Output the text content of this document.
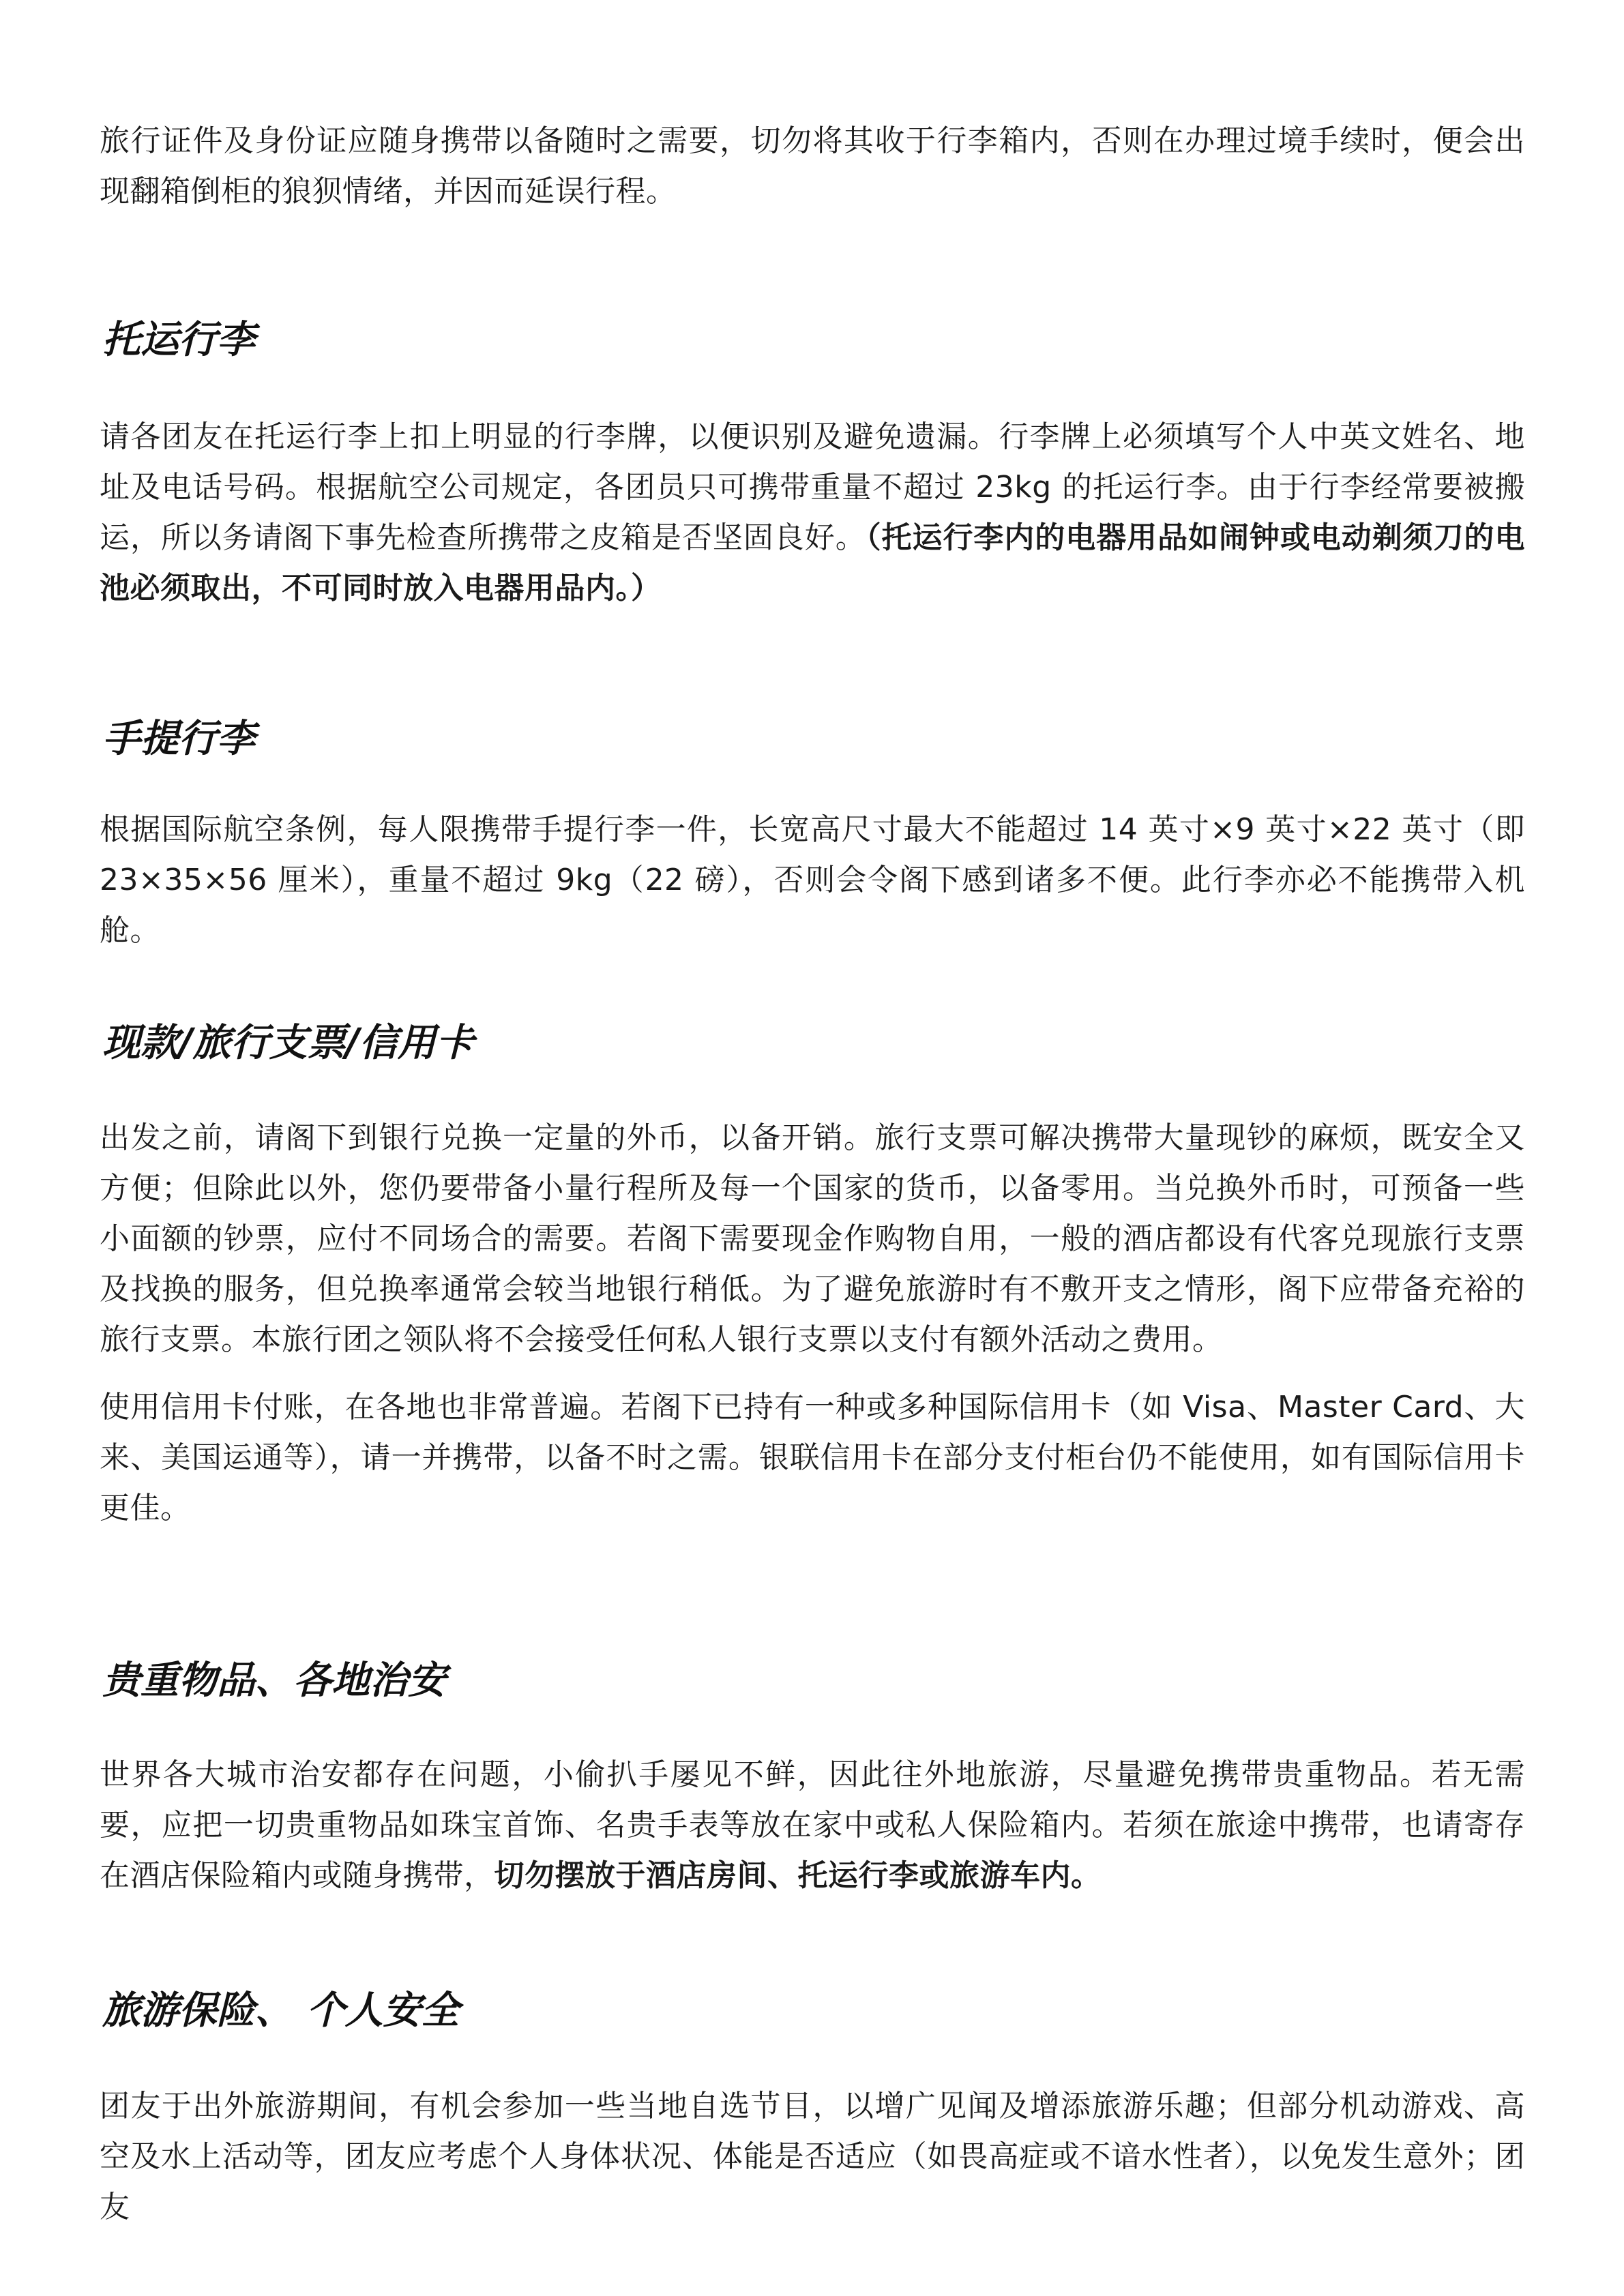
旅行证件及身份证应随身携带以备随时之需要，切勿将其收于行李箱内，否则在办理过境手续时，便会出现翻箱倒柜的狼狈情绪，并因而延误行程。

托运行李

请各团友在托运行李上扣上明显的行李牌，以便识别及避免遗漏。行李牌上必须填写个人中英文姓名、地址及电话号码。根据航空公司规定，各团员只可携带重量不超过 23kg 的托运行李。由于行李经常要被搬运，所以务请阁下事先检查所携带之皮箱是否坚固良好。（托运行李内的电器用品如闹钟或电动剃须刀的电池必须取出，不可同时放入电器用品内。）

手提行李

根据国际航空条例，每人限携带手提行李一件，长宽高尺寸最大不能超过 14 英寸×9 英寸×22 英寸（即23×35×56 厘米），重量不超过 9kg（22 磅），否则会令阁下感到诸多不便。此行李亦必不能携带入机舱。

现款/旅行支票/信用卡

出发之前，请阁下到银行兑换一定量的外币，以备开销。旅行支票可解决携带大量现钞的麻烦，既安全又方便；但除此以外，您仍要带备小量行程所及每一个国家的货币，以备零用。当兑换外币时，可预备一些小面额的钞票，应付不同场合的需要。若阁下需要现金作购物自用，一般的酒店都设有代客兑现旅行支票及找换的服务，但兑换率通常会较当地银行稍低。为了避免旅游时有不敷开支之情形，阁下应带备充裕的旅行支票。本旅行团之领队将不会接受任何私人银行支票以支付有额外活动之费用。

使用信用卡付账，在各地也非常普遍。若阁下已持有一种或多种国际信用卡（如 Visa、Master Card、大来、美国运通等），请一并携带，以备不时之需。银联信用卡在部分支付柜台仍不能使用，如有国际信用卡更佳。

贵重物品、各地治安

世界各大城市治安都存在问题，小偷扒手屡见不鲜，因此往外地旅游，尽量避免携带贵重物品。若无需要，应把一切贵重物品如珠宝首饰、名贵手表等放在家中或私人保险箱内。若须在旅途中携带，也请寄存在酒店保险箱内或随身携带，切勿摆放于酒店房间、托运行李或旅游车内。

旅游保险、 个人安全

团友于出外旅游期间，有机会参加一些当地自选节目，以增广见闻及增添旅游乐趣；但部分机动游戏、高空及水上活动等，团友应考虑个人身体状况、体能是否适应（如畏高症或不谙水性者），以免发生意外；团友
